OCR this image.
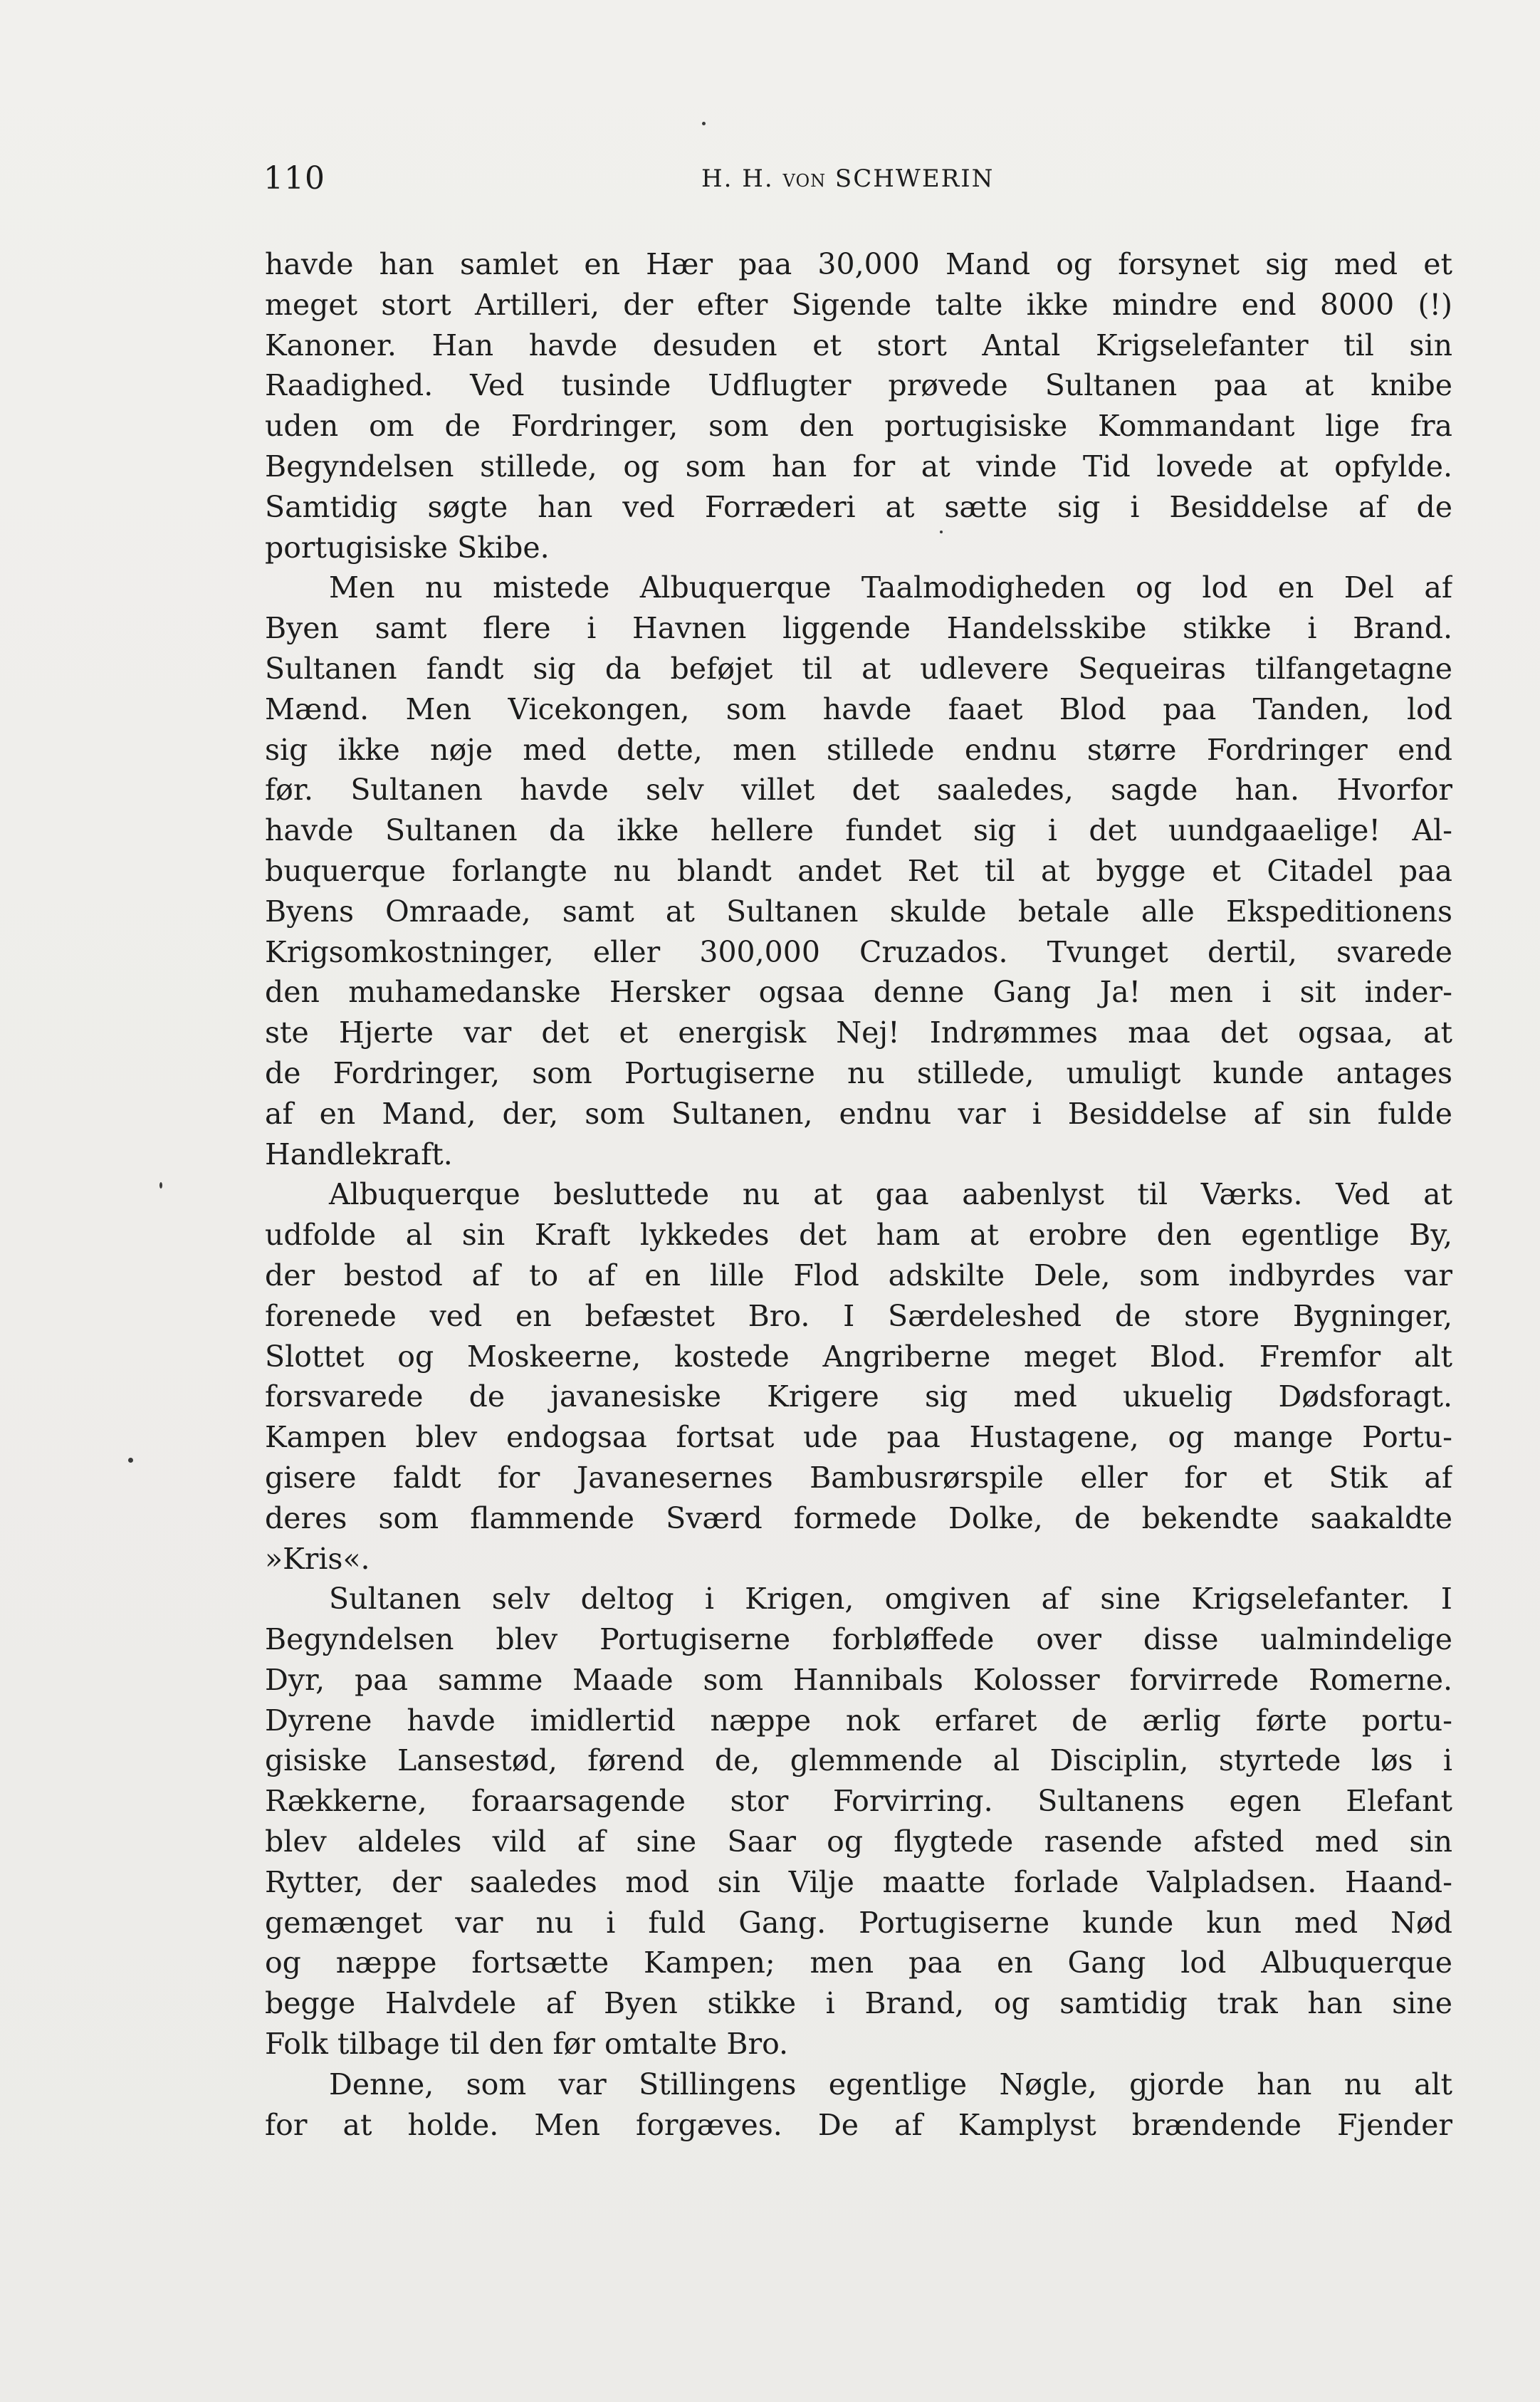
110	H. H. VON SCHWERIN
havde han samlet en Hær paa 30,000 Mand og forsynet sig med et
meget stort Artilleri, der efter Sigende talte ikke mindre end 8000 (!)
Kanoner. Han havde desuden et stort Antal Krigselefanter til sin
Raadighed. Ved tusinde Udflugter prøvede Sultanen paa at knibe
uden om de Fordringer, som den portugisiske Kommandant lige fra
Begyndelsen stillede, og som han for at vinde Tid lovede at opfylde.
Samtidig søgte han ved Forræderi at sætte sig i Besiddelse af de
portugisiske Skibe.
Men nu mistede Albuquerque Taalmodigheden og lod en Del af
Byen samt flere i Havnen liggende Handelsskibe stikke i Brand.
Sultanen fandt sig da beføjet til at udlevere Sequeiras tilfangetagne
Mænd. Men Vicekongen, som havde faaet Blod paa Tanden, lod
sig ikke nøje med dette, men stillede endnu større Fordringer end
før. Sultanen havde selv villet det saaledes, sagde han. Hvorfor
havde Sultanen da ikke hellere fundet sig i det uundgaaelige! Al-
buquerque forlangte nu blandt andet Ret til at bygge et Citadel paa
Byens Omraade, samt at Sultanen skulde betale alle Ekspeditionens
Krigsomkostninger, eller 300,000 Cruzados. Tvunget dertil, svarede
den muhamedanske Hersker ogsaa denne Gang Ja! men i sit inder-
ste Hjerte var det et energisk Nej! Indrømmes maa det ogsaa, at
de Fordringer, som Portugiserne nu stillede, umuligt kunde antages
af en Mand, der, som Sultanen, endnu var i Besiddelse af sin fulde
Handlekraft.
Albuquerque besluttede nu at gaa aabenlyst til Værks. Ved at
udfolde al sin Kraft lykkedes det ham at erobre den egentlige By,
der bestod af to af en lille Flod adskilte Dele, som indbyrdes var
forenede ved en befæstet Bro. I Særdeleshed de store Bygninger,
Slottet og Moskeerne, kostede Angriberne meget Blod. Fremfor alt
forsvarede de javanesiske Krigere sig med ukuelig Dødsforagt.
Kampen blev endogsaa fortsat ude paa Hustagene, og mange Portu-
gisere faldt for Javanesernes Bambusrørspile eller for et Stik af
deres som flammende Sværd formede Dolke, de bekendte saakaldte
»Kris«.
Sultanen selv deltog i Krigen, omgiven af sine Krigselefanter. I
Begyndelsen blev Portugiserne forbløffede over disse ualmindelige
Dyr, paa samme Maade som Hannibals Kolosser forvirrede Romerne.
Dyrene havde imidlertid næppe nok erfaret de ærlig førte portu-
gisiske Lansestød, førend de, glemmende al Disciplin, styrtede løs i
Rækkerne, foraarsagende stor Forvirring. Sultanens egen Elefant
blev aldeles vild af sine Saar og flygtede rasende afsted med sin
Rytter, der saaledes mod sin Vilje maatte forlade Valpladsen. Haand-
gemænget var nu i fuld Gang. Portugiserne kunde kun med Nød
og næppe fortsætte Kampen; men paa en Gang lod Albuquerque
begge Halvdele af Byen stikke i Brand, og samtidig trak han sine
Folk tilbage til den før omtalte Bro.
Denne, som var Stillingens egentlige Nøgle, gjorde han nu alt
for at holde. Men forgæves. De af Kamplyst brændende Fjender
